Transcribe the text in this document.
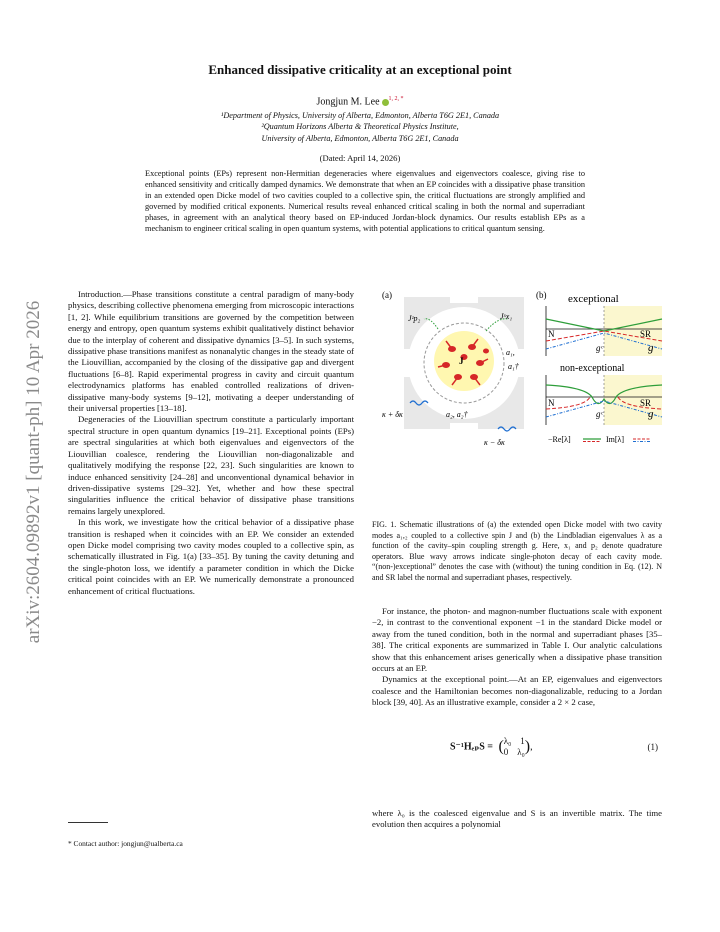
Enhanced dissipative criticality at an exceptional point
Jongjun M. Lee $^{1, 2, *}$
¹Department of Physics, University of Alberta, Edmonton, Alberta T6G 2E1, Canada
²Quantum Horizons Alberta & Theoretical Physics Institute,
University of Alberta, Edmonton, Alberta T6G 2E1, Canada
(Dated: April 14, 2026)
Exceptional points (EPs) represent non-Hermitian degeneracies where eigenvalues and eigenvectors coalesce, giving rise to enhanced sensitivity and critically damped dynamics. We demonstrate that when an EP coincides with a dissipative phase transition in an extended open Dicke model of two cavities coupled to a collective spin, the critical fluctuations are strongly amplified and governed by modified critical exponents. Numerical results reveal enhanced critical scaling in both the normal and superradiant phases, in agreement with an analytical theory based on EP-induced Jordan-block dynamics. Our results establish EPs as a mechanism to engineer critical scaling in open quantum systems, with potential applications to critical quantum sensing.
arXiv:2604.09892v1 [quant-ph] 10 Apr 2026

Introduction.—Phase transitions constitute a central paradigm of many-body physics, describing collective phenomena emerging from microscopic interactions [1, 2]. While equilibrium transitions are governed by the competition between energy and entropy, open quantum systems exhibit qualitatively distinct behavior due to the interplay of coherent and dissipative dynamics [3–5]. In such systems, dissipative phase transitions manifest as nonanalytic changes in the steady state of the Liouvillian, accompanied by the closing of the dissipative gap and divergent fluctuations [6–8]. Rapid experimental progress in cavity and circuit quantum electrodynamics platforms has enabled controlled realizations of driven-dissipative many-body systems [9–12], motivating a deeper understanding of their universal properties [13–18].

Degeneracies of the Liouvillian spectrum constitute a particularly important spectral structure in open quantum dynamics [19–21]. Exceptional points (EPs) are spectral singularities at which both eigenvalues and eigenvectors of the Liouvillian coalesce, rendering the Liouvillian non-diagonalizable and qualitatively modifying the response [22, 23]. Such singularities are known to induce enhanced sensitivity [24–28] and unconventional dynamical behavior in driven-dissipative systems [29–32]. Yet, whether and how these spectral singularities influence the critical behavior of dissipative phase transitions remains largely unexplored.

In this work, we investigate how the critical behavior of a dissipative phase transition is reshaped when it coincides with an EP. We consider an extended open Dicke model comprising two cavity modes coupled to a collective spin, as schematically illustrated in Fig. 1(a) [33–35]. By tuning the cavity detuning and the single-photon loss, we identify a parameter condition in which the Dicke critical point coincides with an EP. We numerically demonstrate a pronounced enhancement of critical fluctuations.

* Contact author: jongjun@ualberta.ca
(a)
J
Jᶻp₂	Jˣx₁
a₁,
a₁†
a₂, a₂†
κ + δκ
κ − δκ
(b) exceptional
N	SR
gᶜ	g
non-exceptional
N	SR
gᶜ	g
−Re[λ]	Im[λ]
FIG. 1. Schematic illustrations of (a) the extended open Dicke model with two cavity modes a₁,₂ coupled to a collective spin J and (b) the Lindbladian eigenvalues λ as a function of the cavity–spin coupling strength g. Here, x₁ and p₂ denote quadrature operators. Blue wavy arrows indicate single-photon decay of each cavity mode. “(non-)exceptional” denotes the case with (without) the tuning condition in Eq. (12). N and SR label the normal and superradiant phases, respectively.

For instance, the photon- and magnon-number fluctuations scale with exponent −2, in contrast to the conventional exponent −1 in the standard Dicke model or away from the tuned condition, both in the normal and superradiant phases [35–38]. The critical exponents are summarized in Table I. Our analytic calculations show that this enhancement arises generically when a dissipative phase transition occurs at an EP.

Dynamics at the exceptional point.—At an EP, eigenvalues and eigenvectors coalesce and the Hamiltonian becomes non-diagonalizable, reducing to a Jordan block [39, 40]. As an illustrative example, consider a 2 × 2 case,

S⁻¹HₑₚS = (λ₀  1
0  λ₀),	(1)
where λ₀ is the coalesced eigenvalue and S is an invertible matrix. The time evolution then acquires a polynomial
